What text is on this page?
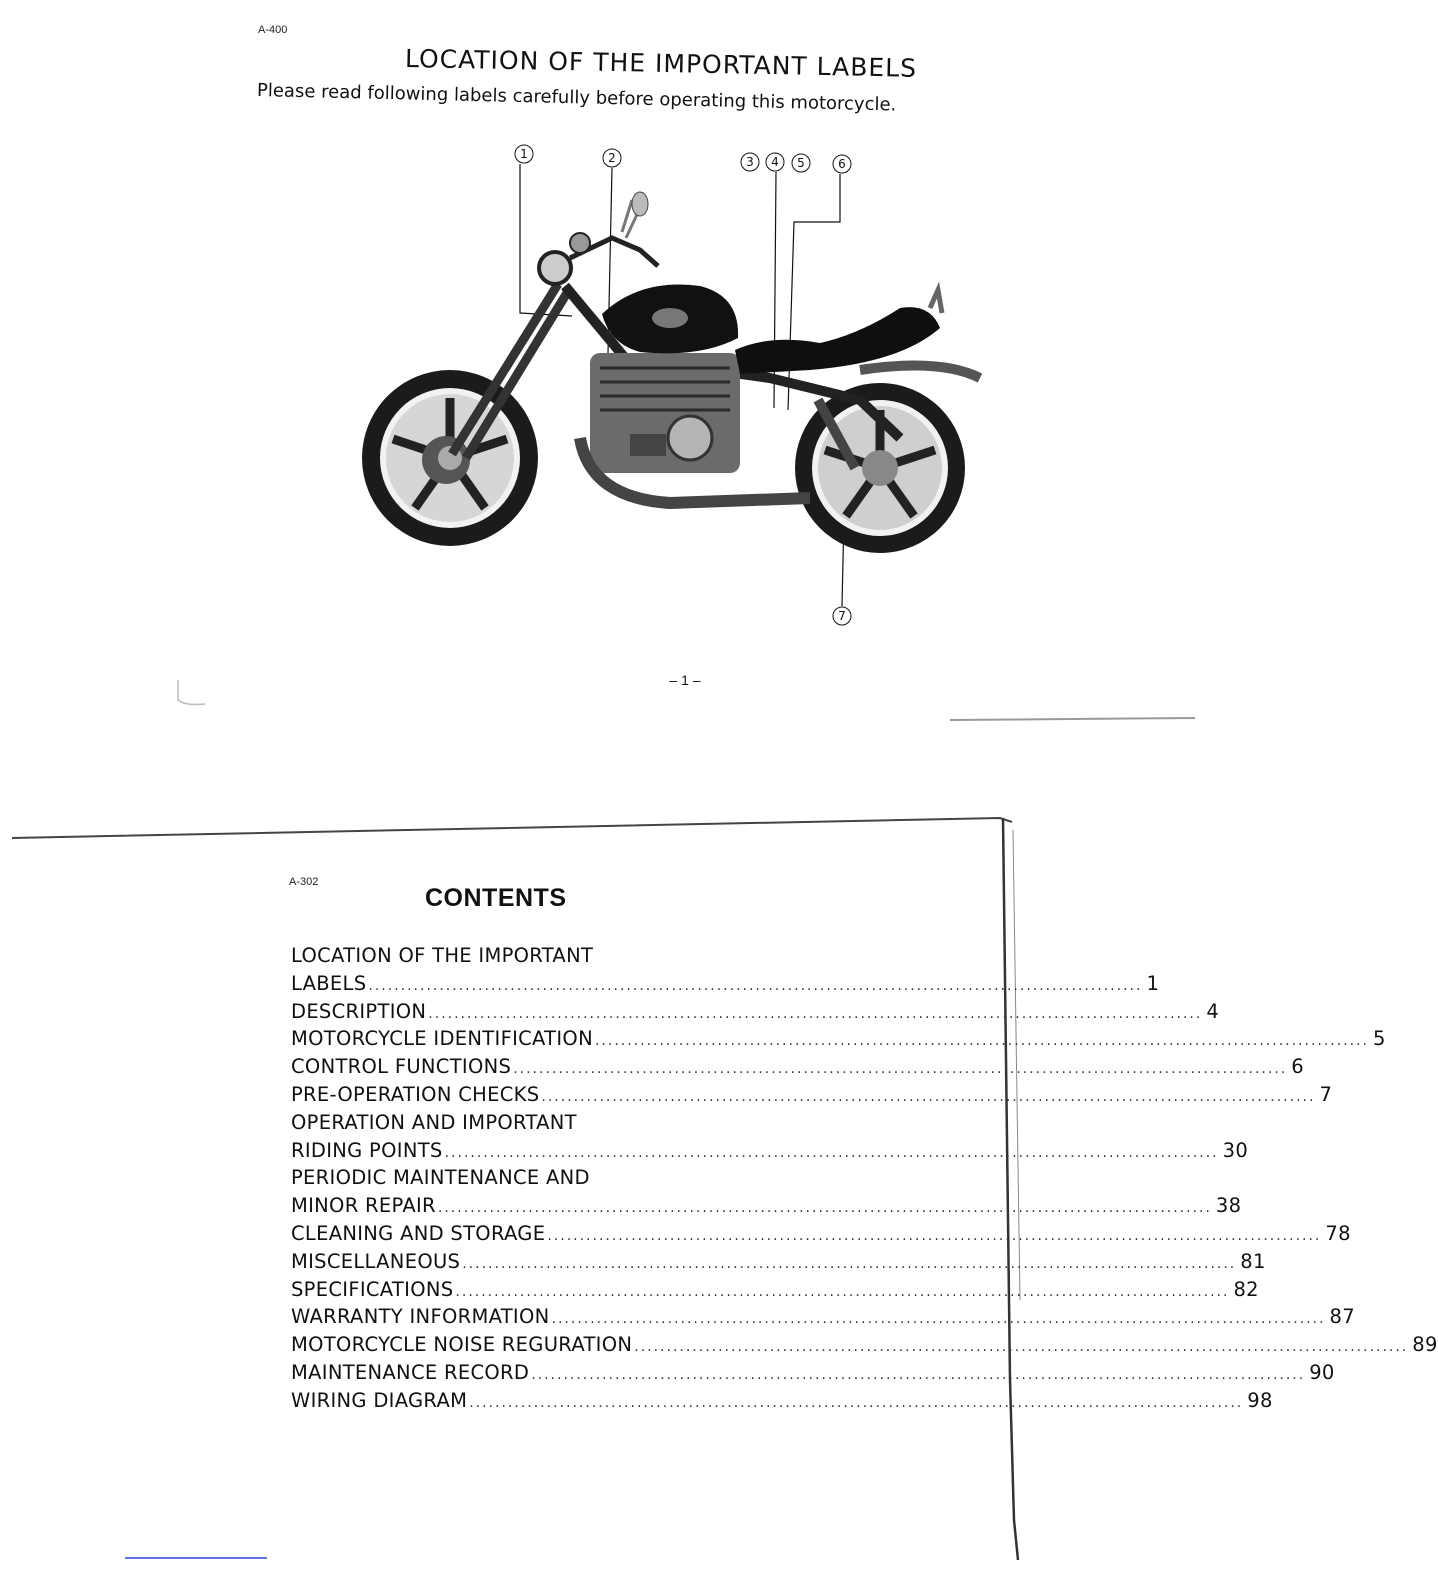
A-400
LOCATION OF THE IMPORTANT LABELS
Please read following labels carefully before operating this motorcycle.
1	2	3 4 5	6
7
– 1 –
A-302
CONTENTS
LOCATION OF THE IMPORTANT
LABELS ........................................................................................................................ 1
DESCRIPTION ........................................................................................................................ 4
MOTORCYCLE IDENTIFICATION ........................................................................................................................ 5
CONTROL FUNCTIONS ........................................................................................................................ 6
PRE-OPERATION CHECKS ........................................................................................................................ 7
OPERATION AND IMPORTANT
RIDING POINTS ........................................................................................................................ 30
PERIODIC MAINTENANCE AND
MINOR REPAIR ........................................................................................................................ 38
CLEANING AND STORAGE ........................................................................................................................ 78
MISCELLANEOUS ........................................................................................................................ 81
SPECIFICATIONS ........................................................................................................................ 82
WARRANTY INFORMATION ........................................................................................................................ 87
MOTORCYCLE NOISE REGURATION ........................................................................................................................ 89
MAINTENANCE RECORD ........................................................................................................................ 90
WIRING DIAGRAM ........................................................................................................................ 98
